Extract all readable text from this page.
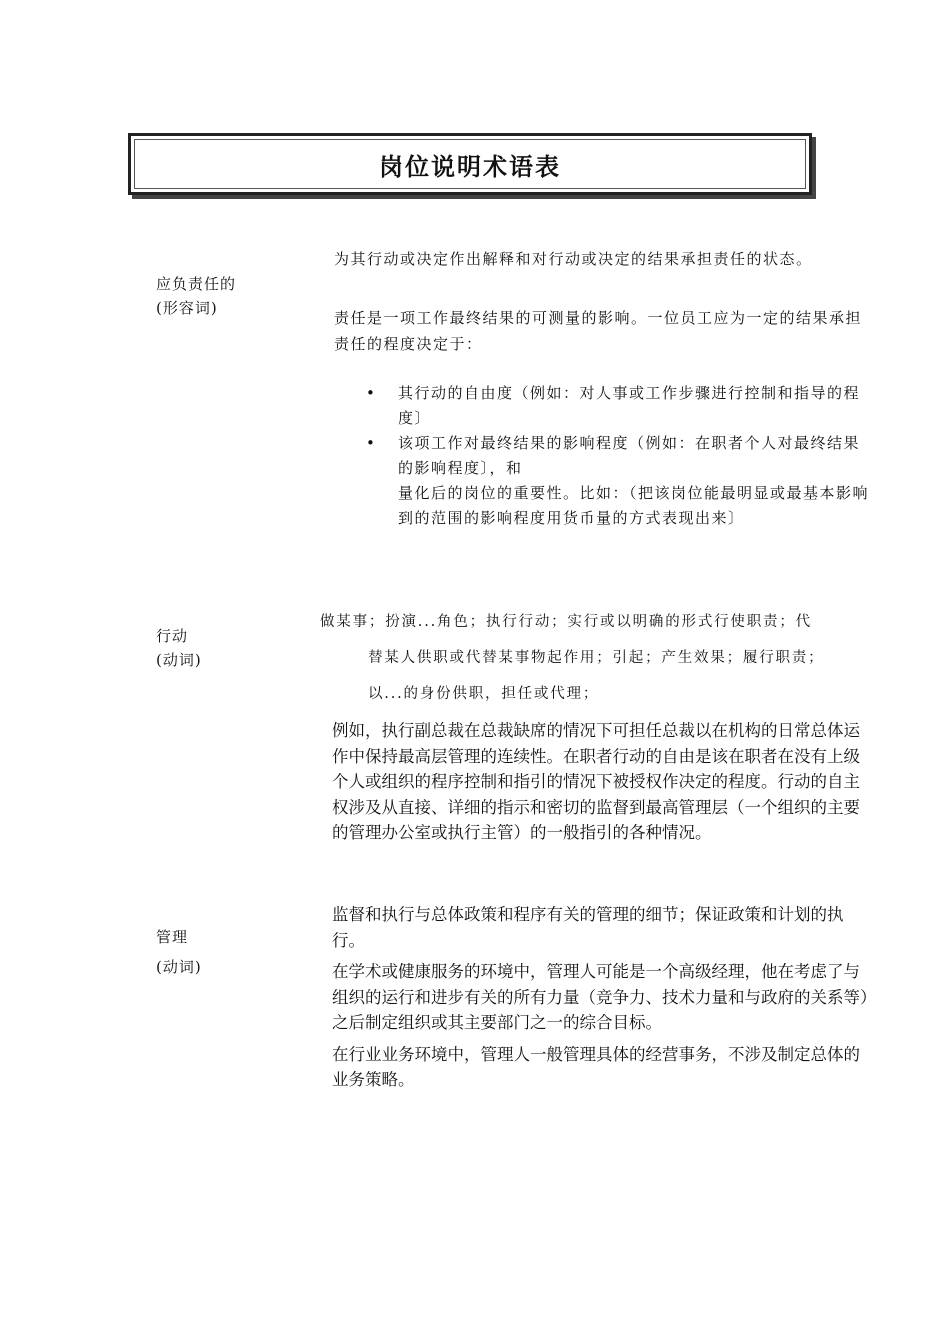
岗位说明术语表
应负责任的
(形容词)

为其行动或决定作出解释和对行动或决定的结果承担责任的状态。

责任是一项工作最终结果的可测量的影响。一位员工应为一定的结果承担责任的程度决定于：

• 其行动的自由度（例如：对人事或工作步骤进行控制和指导的程度〕
• 该项工作对最终结果的影响程度（例如：在职者个人对最终结果的影响程度〕，和
量化后的岗位的重要性。比如：（把该岗位能最明显或最基本影响到的范围的影响程度用货币量的方式表现出来〕
行动
(动词)
做某事；扮演...角色；执行行动；实行或以明确的形式行使职责；代
替某人供职或代替某事物起作用；引起；产生效果；履行职责；
以...的身份供职，担任或代理；

例如，执行副总裁在总裁缺席的情况下可担任总裁以在机构的日常总体运作中保持最高层管理的连续性。在职者行动的自由是该在职者在没有上级个人或组织的程序控制和指引的情况下被授权作决定的程度。行动的自主权涉及从直接、详细的指示和密切的监督到最高管理层（一个组织的主要的管理办公室或执行主管）的一般指引的各种情况。

管理
(动词)

监督和执行与总体政策和程序有关的管理的细节；保证政策和计划的执行。

在学术或健康服务的环境中，管理人可能是一个高级经理，他在考虑了与组织的运行和进步有关的所有力量（竞争力、技术力量和与政府的关系等）之后制定组织或其主要部门之一的综合目标。

在行业业务环境中，管理人一般管理具体的经营事务，不涉及制定总体的业务策略。
